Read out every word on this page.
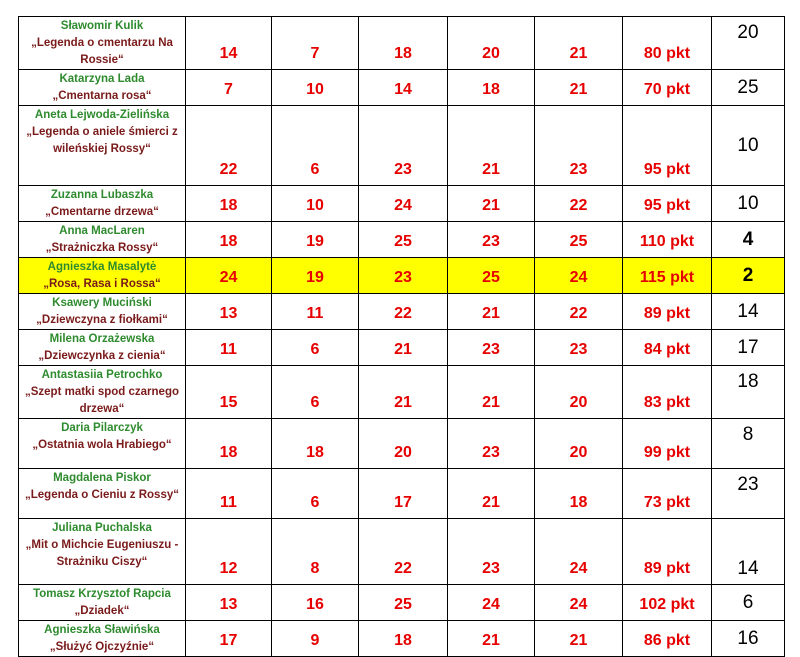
Sławomir Kulik
„Legenda o cmentarzu Na Rossie“	14	7	18	20	21	80 pkt	20

Katarzyna Lada
„Cmentarna rosa“	7	10	14	18	21	70 pkt	25

Aneta Lejwoda-Zielińska
„Legenda o aniele śmierci z wileńskiej Rossy“	22	6	23	21	23	95 pkt	10

Zuzanna Lubaszka
„Cmentarne drzewa“	18	10	24	21	22	95 pkt	10

Anna MacLaren
„Strażniczka Rossy“	18	19	25	23	25	110 pkt	4

Agnieszka Masalytė
„Rosa, Rasa i Rossa“	24	19	23	25	24	115 pkt	2

Ksawery Muciński
„Dziewczyna z fiołkami“	13	11	22	21	22	89 pkt	14

Milena Orzażewska
„Dziewczynka z cienia“	11	6	21	23	23	84 pkt	17

Antastasiia Petrochko
„Szept matki spod czarnego drzewa“	15	6	21	21	20	83 pkt	18

Daria Pilarczyk
„Ostatnia wola Hrabiego“	18	18	20	23	20	99 pkt	8

Magdalena Piskor
„Legenda o Cieniu z Rossy“	11	6	17	21	18	73 pkt	23

Juliana Puchalska
„Mit o Michcie Eugeniuszu - Strażniku Ciszy“	12	8	22	23	24	89 pkt	14

Tomasz Krzysztof Rapcia
„Dziadek“	13	16	25	24	24	102 pkt	6

Agnieszka Sławińska
„Służyć Ojczyźnie“	17	9	18	21	21	86 pkt	16
